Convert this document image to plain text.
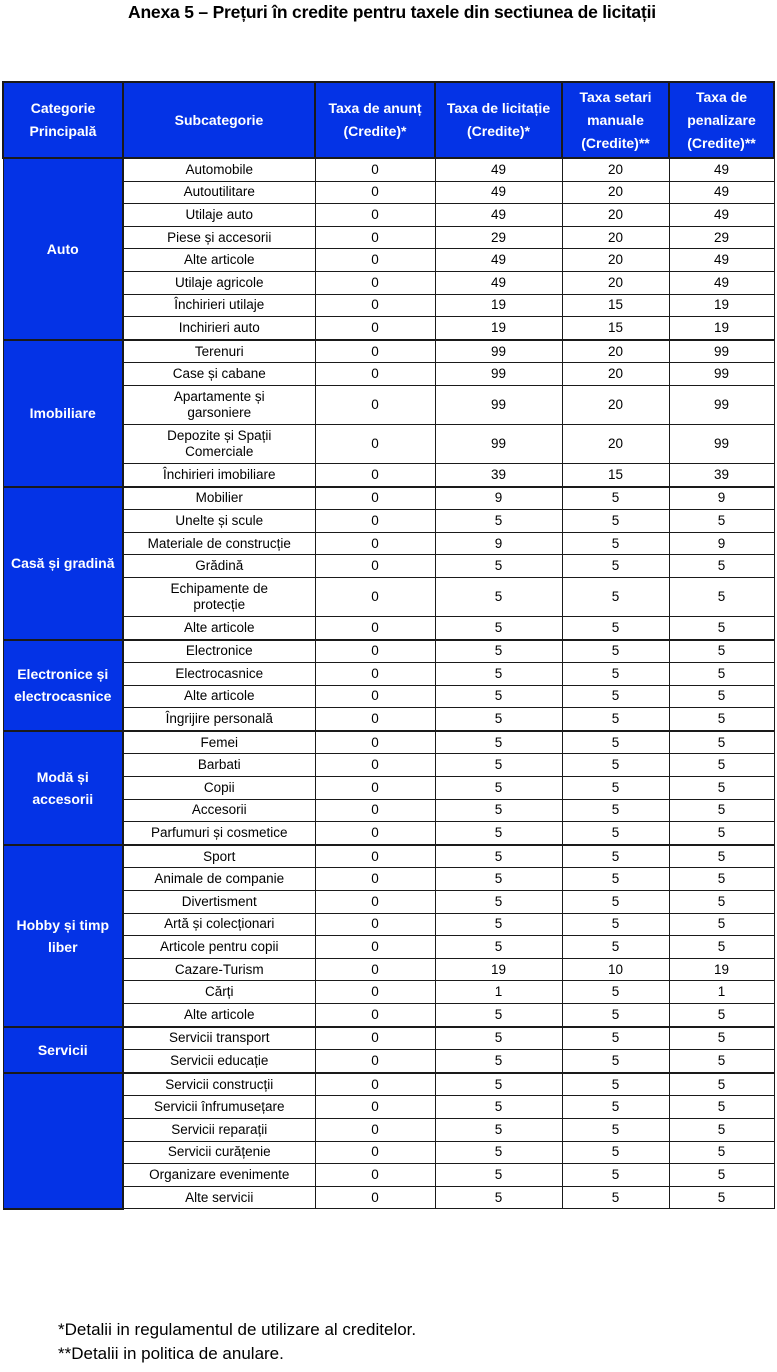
Anexa 5 – Prețuri în credite pentru taxele din sectiunea de licitații
Categorie Principală	Subcategorie	Taxa de anunț (Credite)*	Taxa de licitație (Credite)*	Taxa setari manuale (Credite)**	Taxa de penalizare (Credite)**
Auto	Automobile	0	49	20	49
	Autoutilitare	0	49	20	49
	Utilaje auto	0	49	20	49
	Piese și accesorii	0	29	20	29
	Alte articole	0	49	20	49
	Utilaje agricole	0	49	20	49
	Închirieri utilaje	0	19	15	19
	Inchirieri auto	0	19	15	19
Imobiliare	Terenuri	0	99	20	99
	Case și cabane	0	99	20	99
	Apartamente și garsoniere	0	99	20	99
	Depozite și Spații Comerciale	0	99	20	99
	Închirieri imobiliare	0	39	15	39
Casă și gradină	Mobilier	0	9	5	9
	Unelte și scule	0	5	5	5
	Materiale de construcție	0	9	5	9
	Grădină	0	5	5	5
	Echipamente de protecție	0	5	5	5
	Alte articole	0	5	5	5
Electronice și electrocasnice	Electronice	0	5	5	5
	Electrocasnice	0	5	5	5
	Alte articole	0	5	5	5
	Îngrijire personală	0	5	5	5
Modă și accesorii	Femei	0	5	5	5
	Barbati	0	5	5	5
	Copii	0	5	5	5
	Accesorii	0	5	5	5
	Parfumuri și cosmetice	0	5	5	5
Hobby și timp liber	Sport	0	5	5	5
	Animale de companie	0	5	5	5
	Divertisment	0	5	5	5
	Artă și colecționari	0	5	5	5
	Articole pentru copii	0	5	5	5
	Cazare-Turism	0	19	10	19
	Cărți	0	1	5	1
	Alte articole	0	5	5	5
Servicii	Servicii transport	0	5	5	5
	Servicii educație	0	5	5	5
	Servicii construcții	0	5	5	5
	Servicii înfrumusețare	0	5	5	5
	Servicii reparații	0	5	5	5
	Servicii curățenie	0	5	5	5
	Organizare evenimente	0	5	5	5
	Alte servicii	0	5	5	5
*Detalii in regulamentul de utilizare al creditelor.
**Detalii in politica de anulare.
